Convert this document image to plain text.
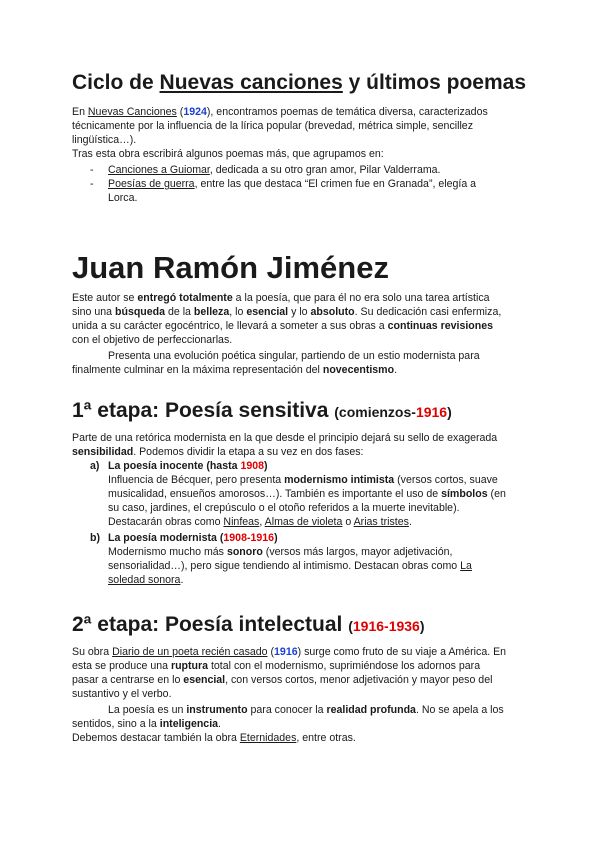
Ciclo de Nuevas canciones y últimos poemas
En Nuevas Canciones (1924), encontramos poemas de temática diversa, caracterizados
técnicamente por la influencia de la lírica popular (brevedad, métrica simple, sencillez
lingüística…).
Tras esta obra escribirá algunos poemas más, que agrupamos en:
- Canciones a Guiomar, dedicada a su otro gran amor, Pilar Valderrama.
- Poesías de guerra, entre las que destaca “El crimen fue en Granada”, elegía a
Lorca.
Juan Ramón Jiménez
Este autor se entregó totalmente a la poesía, que para él no era solo una tarea artística
sino una búsqueda de la belleza, lo esencial y lo absoluto. Su dedicación casi enfermiza,
unida a su carácter egocéntrico, le llevará a someter a sus obras a continuas revisiones
con el objetivo de perfeccionarlas.
Presenta una evolución poética singular, partiendo de un estio modernista para
finalmente culminar en la máxima representación del novecentismo.
1ª etapa: Poesía sensitiva (comienzos-1916)
Parte de una retórica modernista en la que desde el principio dejará su sello de exagerada
sensibilidad. Podemos dividir la etapa a su vez en dos fases:
a) La poesía inocente (hasta 1908)
Influencia de Bécquer, pero presenta modernismo intimista (versos cortos, suave
musicalidad, ensueños amorosos…). También es importante el uso de símbolos (en
su caso, jardines, el crepúsculo o el otoño referidos a la muerte inevitable).
Destacarán obras como Ninfeas, Almas de violeta o Arias tristes.
b) La poesía modernista (1908-1916)
Modernismo mucho más sonoro (versos más largos, mayor adjetivación,
sensorialidad…), pero sigue tendiendo al intimismo. Destacan obras como La
soledad sonora.
2ª etapa: Poesía intelectual (1916-1936)
Su obra Diario de un poeta recién casado (1916) surge como fruto de su viaje a América. En
esta se produce una ruptura total con el modernismo, suprimiéndose los adornos para
pasar a centrarse en lo esencial, con versos cortos, menor adjetivación y mayor peso del
sustantivo y el verbo.
La poesía es un instrumento para conocer la realidad profunda. No se apela a los
sentidos, sino a la inteligencia.
Debemos destacar también la obra Eternidades, entre otras.
